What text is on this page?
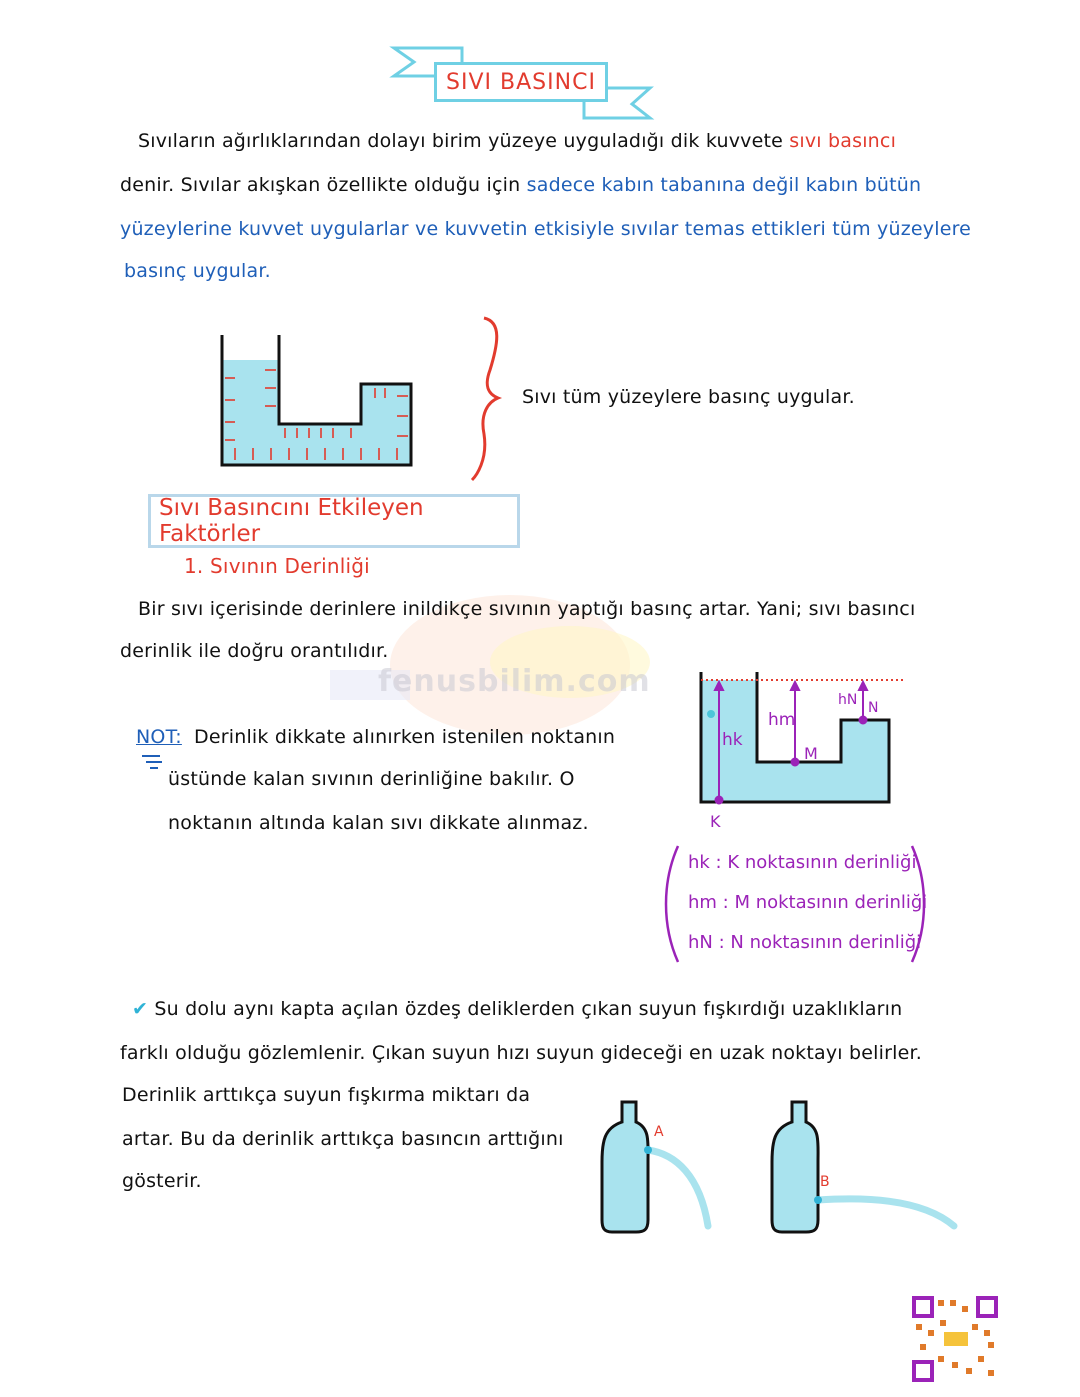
SIVI BASINCI
Sıvıların ağırlıklarından dolayı birim yüzeye uyguladığı dik kuvvete sıvı basıncı
denir. Sıvılar akışkan özellikte olduğu için sadece kabın tabanına değil kabın bütün
yüzeylerine kuvvet uygularlar ve kuvvetin etkisiyle sıvılar temas ettikleri tüm yüzeylere
basınç uygular.
Sıvı tüm yüzeylere basınç uygular.
Sıvı Basıncını Etkileyen Faktörler
1. Sıvının Derinliği
fenusbilim.com
Bir sıvı içerisinde derinlere inildikçe sıvının yaptığı basınç artar. Yani; sıvı basıncı
derinlik ile doğru orantılıdır.
NOT: Derinlik dikkate alınırken istenilen noktanın
üstünde kalan sıvının derinliğine bakılır. O
noktanın altında kalan sıvı dikkate alınmaz.
hk
hm
hN
K
M
N
hk : K noktasının derinliği
hm : M noktasının derinliği
hN : N noktasının derinliği
✔ Su dolu aynı kapta açılan özdeş deliklerden çıkan suyun fışkırdığı uzaklıkların
farklı olduğu gözlemlenir. Çıkan suyun hızı suyun gideceği en uzak noktayı belirler.
Derinlik arttıkça suyun fışkırma miktarı da
artar. Bu da derinlik arttıkça basıncın arttığını
gösterir.
A
B
